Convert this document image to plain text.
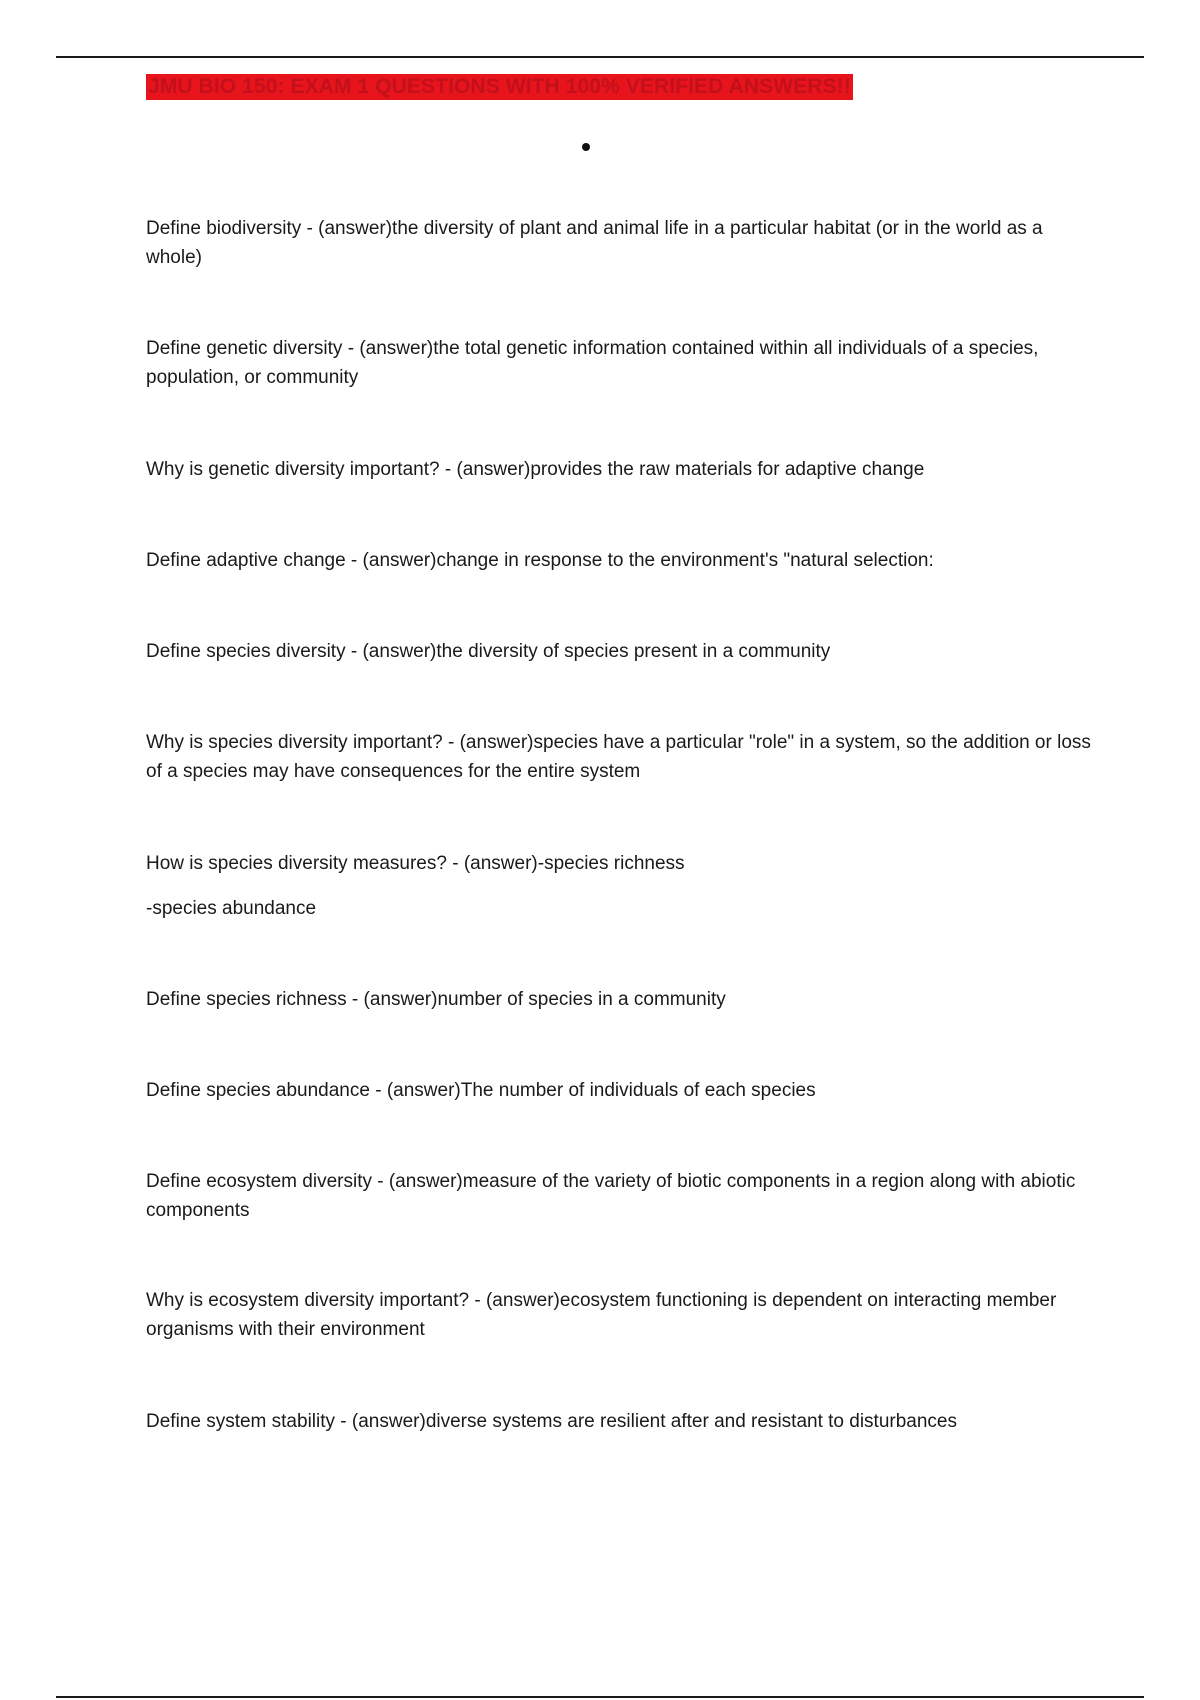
JMU BIO 150: EXAM 1 QUESTIONS WITH 100% VERIFIED ANSWERS!!

Define biodiversity - (answer)the diversity of plant and animal life in a particular habitat (or in the world as a whole)

Define genetic diversity - (answer)the total genetic information contained within all individuals of a species, population, or community

Why is genetic diversity important? - (answer)provides the raw materials for adaptive change

Define adaptive change - (answer)change in response to the environment's "natural selection:

Define species diversity - (answer)the diversity of species present in a community

Why is species diversity important? - (answer)species have a particular "role" in a system, so the addition or loss of a species may have consequences for the entire system

How is species diversity measures? - (answer)-species richness

-species abundance

Define species richness - (answer)number of species in a community

Define species abundance - (answer)The number of individuals of each species

Define ecosystem diversity - (answer)measure of the variety of biotic components in a region along with abiotic components

Why is ecosystem diversity important? - (answer)ecosystem functioning is dependent on interacting member organisms with their environment

Define system stability - (answer)diverse systems are resilient after and resistant to disturbances
